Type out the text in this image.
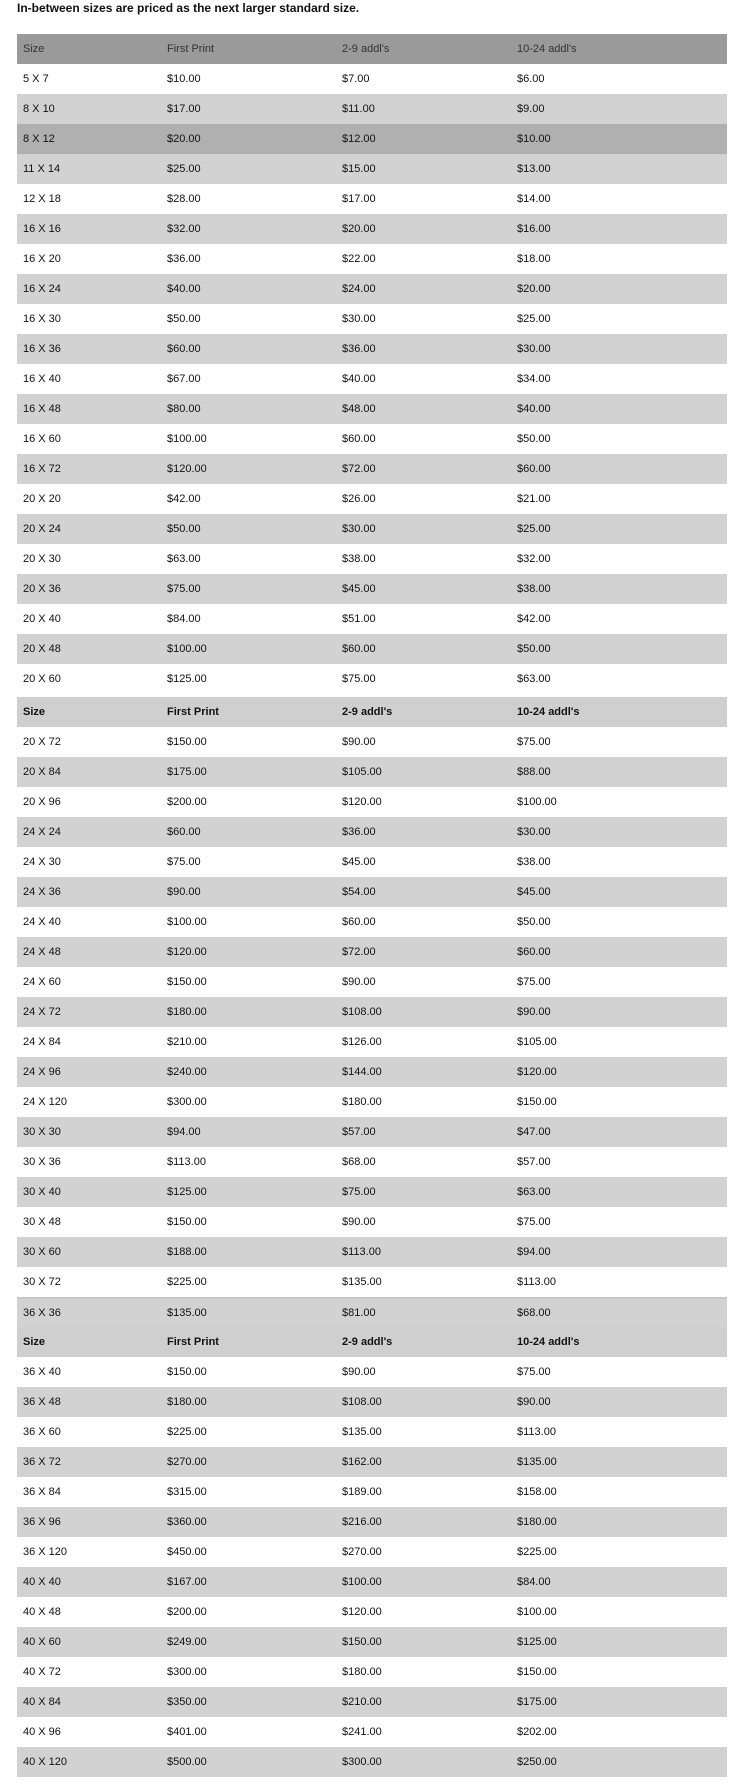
In-between sizes are priced as the next larger standard size.
Size	First Print	2-9 addl's	10-24 addl's
5 X 7	$10.00	$7.00	$6.00
8 X 10	$17.00	$11.00	$9.00
8 X 12	$20.00	$12.00	$10.00
11 X 14	$25.00	$15.00	$13.00
12 X 18	$28.00	$17.00	$14.00
16 X 16	$32.00	$20.00	$16.00
16 X 20	$36.00	$22.00	$18.00
16 X 24	$40.00	$24.00	$20.00
16 X 30	$50.00	$30.00	$25.00
16 X 36	$60.00	$36.00	$30.00
16 X 40	$67.00	$40.00	$34.00
16 X 48	$80.00	$48.00	$40.00
16 X 60	$100.00	$60.00	$50.00
16 X 72	$120.00	$72.00	$60.00
20 X 20	$42.00	$26.00	$21.00
20 X 24	$50.00	$30.00	$25.00
20 X 30	$63.00	$38.00	$32.00
20 X 36	$75.00	$45.00	$38.00
20 X 40	$84.00	$51.00	$42.00
20 X 48	$100.00	$60.00	$50.00
20 X 60	$125.00	$75.00	$63.00
Size	First Print	2-9 addl's	10-24 addl's
20 X 72	$150.00	$90.00	$75.00
20 X 84	$175.00	$105.00	$88.00
20 X 96	$200.00	$120.00	$100.00
24 X 24	$60.00	$36.00	$30.00
24 X 30	$75.00	$45.00	$38.00
24 X 36	$90.00	$54.00	$45.00
24 X 40	$100.00	$60.00	$50.00
24 X 48	$120.00	$72.00	$60.00
24 X 60	$150.00	$90.00	$75.00
24 X 72	$180.00	$108.00	$90.00
24 X 84	$210.00	$126.00	$105.00
24 X 96	$240.00	$144.00	$120.00
24 X 120	$300.00	$180.00	$150.00
30 X 30	$94.00	$57.00	$47.00
30 X 36	$113.00	$68.00	$57.00
30 X 40	$125.00	$75.00	$63.00
30 X 48	$150.00	$90.00	$75.00
30 X 60	$188.00	$113.00	$94.00
30 X 72	$225.00	$135.00	$113.00
36 X 36	$135.00	$81.00	$68.00
Size	First Print	2-9 addl's	10-24 addl's
36 X 40	$150.00	$90.00	$75.00
36 X 48	$180.00	$108.00	$90.00
36 X 60	$225.00	$135.00	$113.00
36 X 72	$270.00	$162.00	$135.00
36 X 84	$315.00	$189.00	$158.00
36 X 96	$360.00	$216.00	$180.00
36 X 120	$450.00	$270.00	$225.00
40 X 40	$167.00	$100.00	$84.00
40 X 48	$200.00	$120.00	$100.00
40 X 60	$249.00	$150.00	$125.00
40 X 72	$300.00	$180.00	$150.00
40 X 84	$350.00	$210.00	$175.00
40 X 96	$401.00	$241.00	$202.00
40 X 120	$500.00	$300.00	$250.00
